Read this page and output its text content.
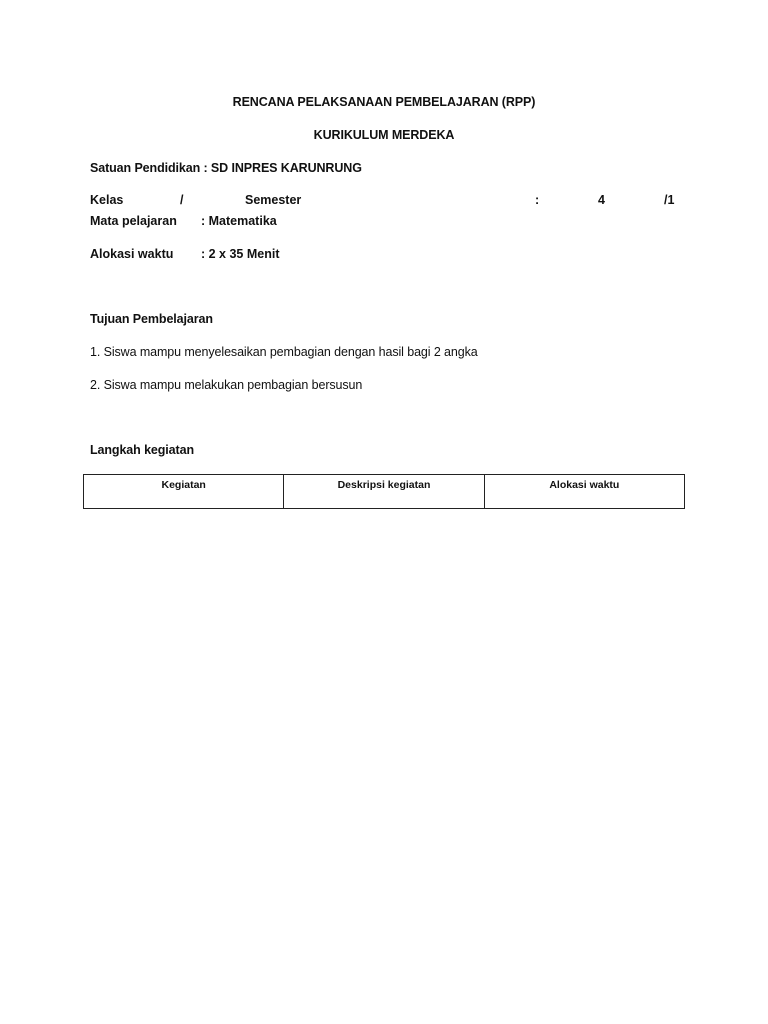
RENCANA PELAKSANAAN PEMBELAJARAN (RPP)
KURIKULUM MERDEKA
Satuan Pendidikan : SD INPRES KARUNRUNG
Kelas	/	Semester	:	4	/1
Mata pelajaran : Matematika
Alokasi waktu : 2 x 35 Menit
Tujuan Pembelajaran
1. Siswa mampu menyelesaikan pembagian dengan hasil bagi 2 angka
2. Siswa mampu melakukan pembagian bersusun
Langkah kegiatan
Kegiatan	Deskripsi kegiatan	Alokasi waktu
